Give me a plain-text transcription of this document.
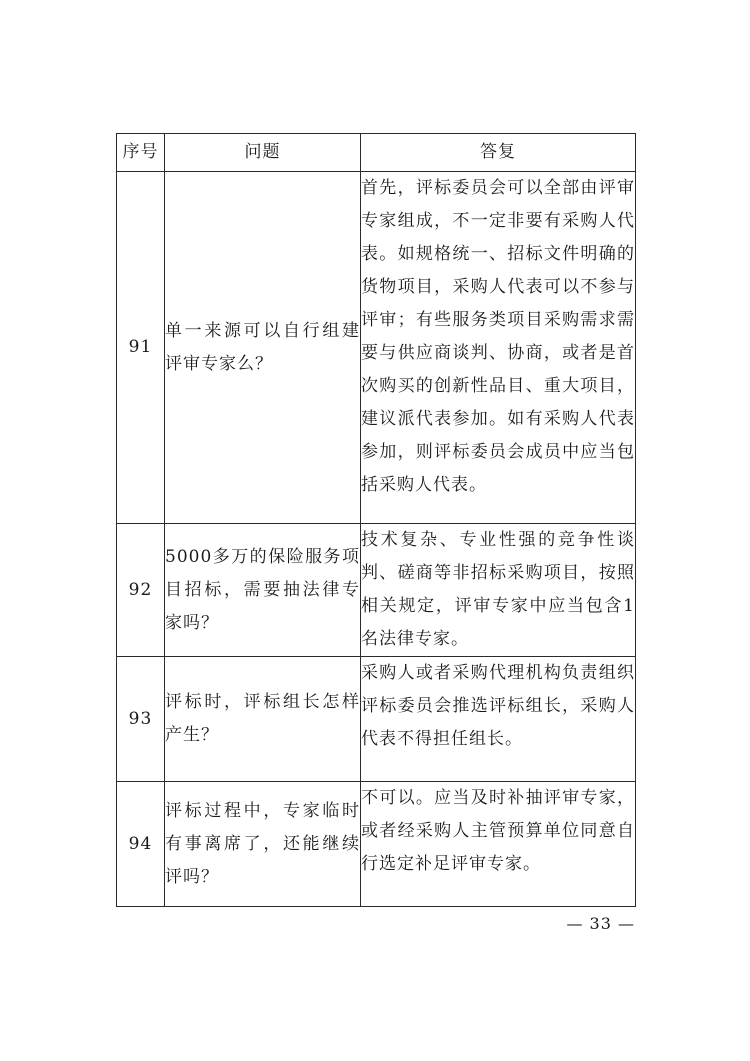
序号	问题	答复
91	单一来源可以自行组建评审专家么？	首先，评标委员会可以全部由评审专家组成，不一定非要有采购人代表。如规格统一、招标文件明确的货物项目，采购人代表可以不参与评审；有些服务类项目采购需求需要与供应商谈判、协商，或者是首次购买的创新性品目、重大项目，建议派代表参加。如有采购人代表参加，则评标委员会成员中应当包括采购人代表。
92	5000多万的保险服务项目招标，需要抽法律专家吗？	技术复杂、专业性强的竞争性谈判、磋商等非招标采购项目，按照相关规定，评审专家中应当包含1名法律专家。
93	评标时，评标组长怎样产生？	采购人或者采购代理机构负责组织评标委员会推选评标组长，采购人代表不得担任组长。
94	评标过程中，专家临时有事离席了，还能继续评吗？	不可以。应当及时补抽评审专家，或者经采购人主管预算单位同意自行选定补足评审专家。
— 33 —
